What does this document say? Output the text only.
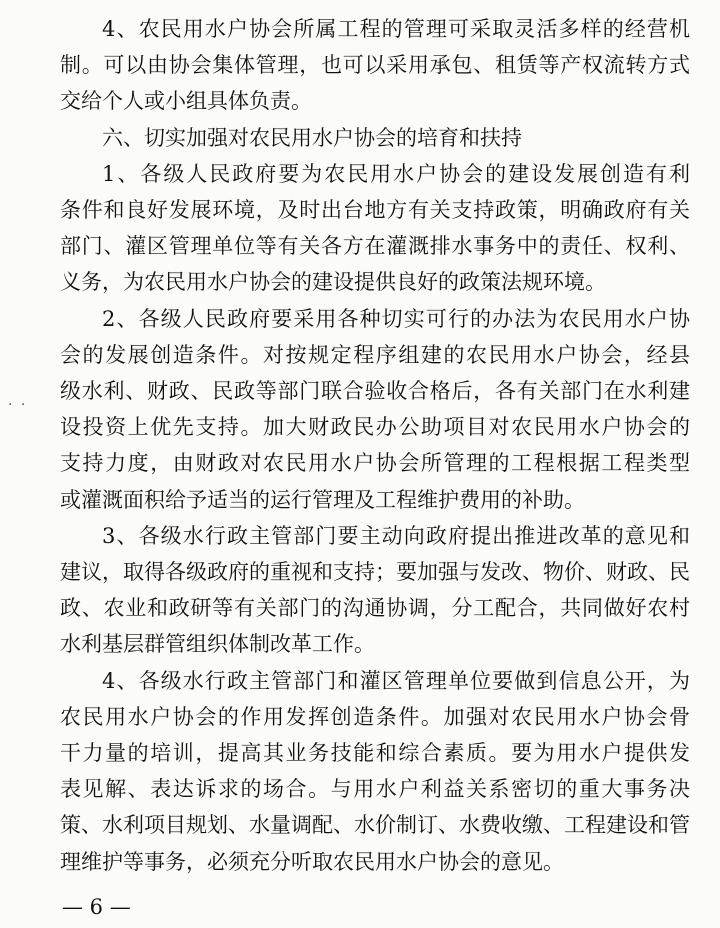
4、农民用水户协会所属工程的管理可采取灵活多样的经营机
制。可以由协会集体管理，也可以采用承包、租赁等产权流转方式
交给个人或小组具体负责。
六、切实加强对农民用水户协会的培育和扶持
1、各级人民政府要为农民用水户协会的建设发展创造有利
条件和良好发展环境，及时出台地方有关支持政策，明确政府有关
部门、灌区管理单位等有关各方在灌溉排水事务中的责任、权利、
义务，为农民用水户协会的建设提供良好的政策法规环境。
2、各级人民政府要采用各种切实可行的办法为农民用水户协
会的发展创造条件。对按规定程序组建的农民用水户协会，经县
级水利、财政、民政等部门联合验收合格后，各有关部门在水利建
设投资上优先支持。加大财政民办公助项目对农民用水户协会的
支持力度，由财政对农民用水户协会所管理的工程根据工程类型
或灌溉面积给予适当的运行管理及工程维护费用的补助。
3、各级水行政主管部门要主动向政府提出推进改革的意见和
建议，取得各级政府的重视和支持；要加强与发改、物价、财政、民
政、农业和政研等有关部门的沟通协调，分工配合，共同做好农村
水利基层群管组织体制改革工作。
4、各级水行政主管部门和灌区管理单位要做到信息公开，为
农民用水户协会的作用发挥创造条件。加强对农民用水户协会骨
干力量的培训，提高其业务技能和综合素质。要为用水户提供发
表见解、表达诉求的场合。与用水户利益关系密切的重大事务决
策、水利项目规划、水量调配、水价制订、水费收缴、工程建设和管
理维护等事务，必须充分听取农民用水户协会的意见。
· ·
— 6 —
